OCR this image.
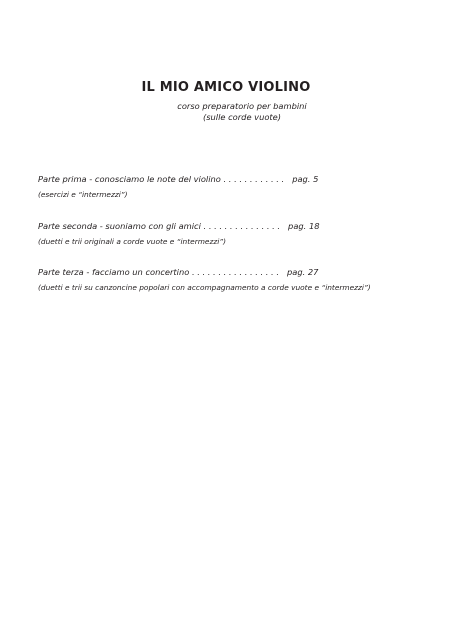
IL MIO AMICO VIOLINO
corso preparatorio per bambini
(sulle corde vuote)
Parte prima - conosciamo le note del violino . . . . . . . . . . . . pag. 5
(esercizi e “intermezzi”)
Parte seconda - suoniamo con gli amici . . . . . . . . . . . . . . . pag. 18
(duetti e trii originali a corde vuote e “intermezzi”)
Parte terza - facciamo un concertino . . . . . . . . . . . . . . . . . pag. 27
(duetti e trii su canzoncine popolari con accompagnamento a corde vuote e “intermezzi”)
